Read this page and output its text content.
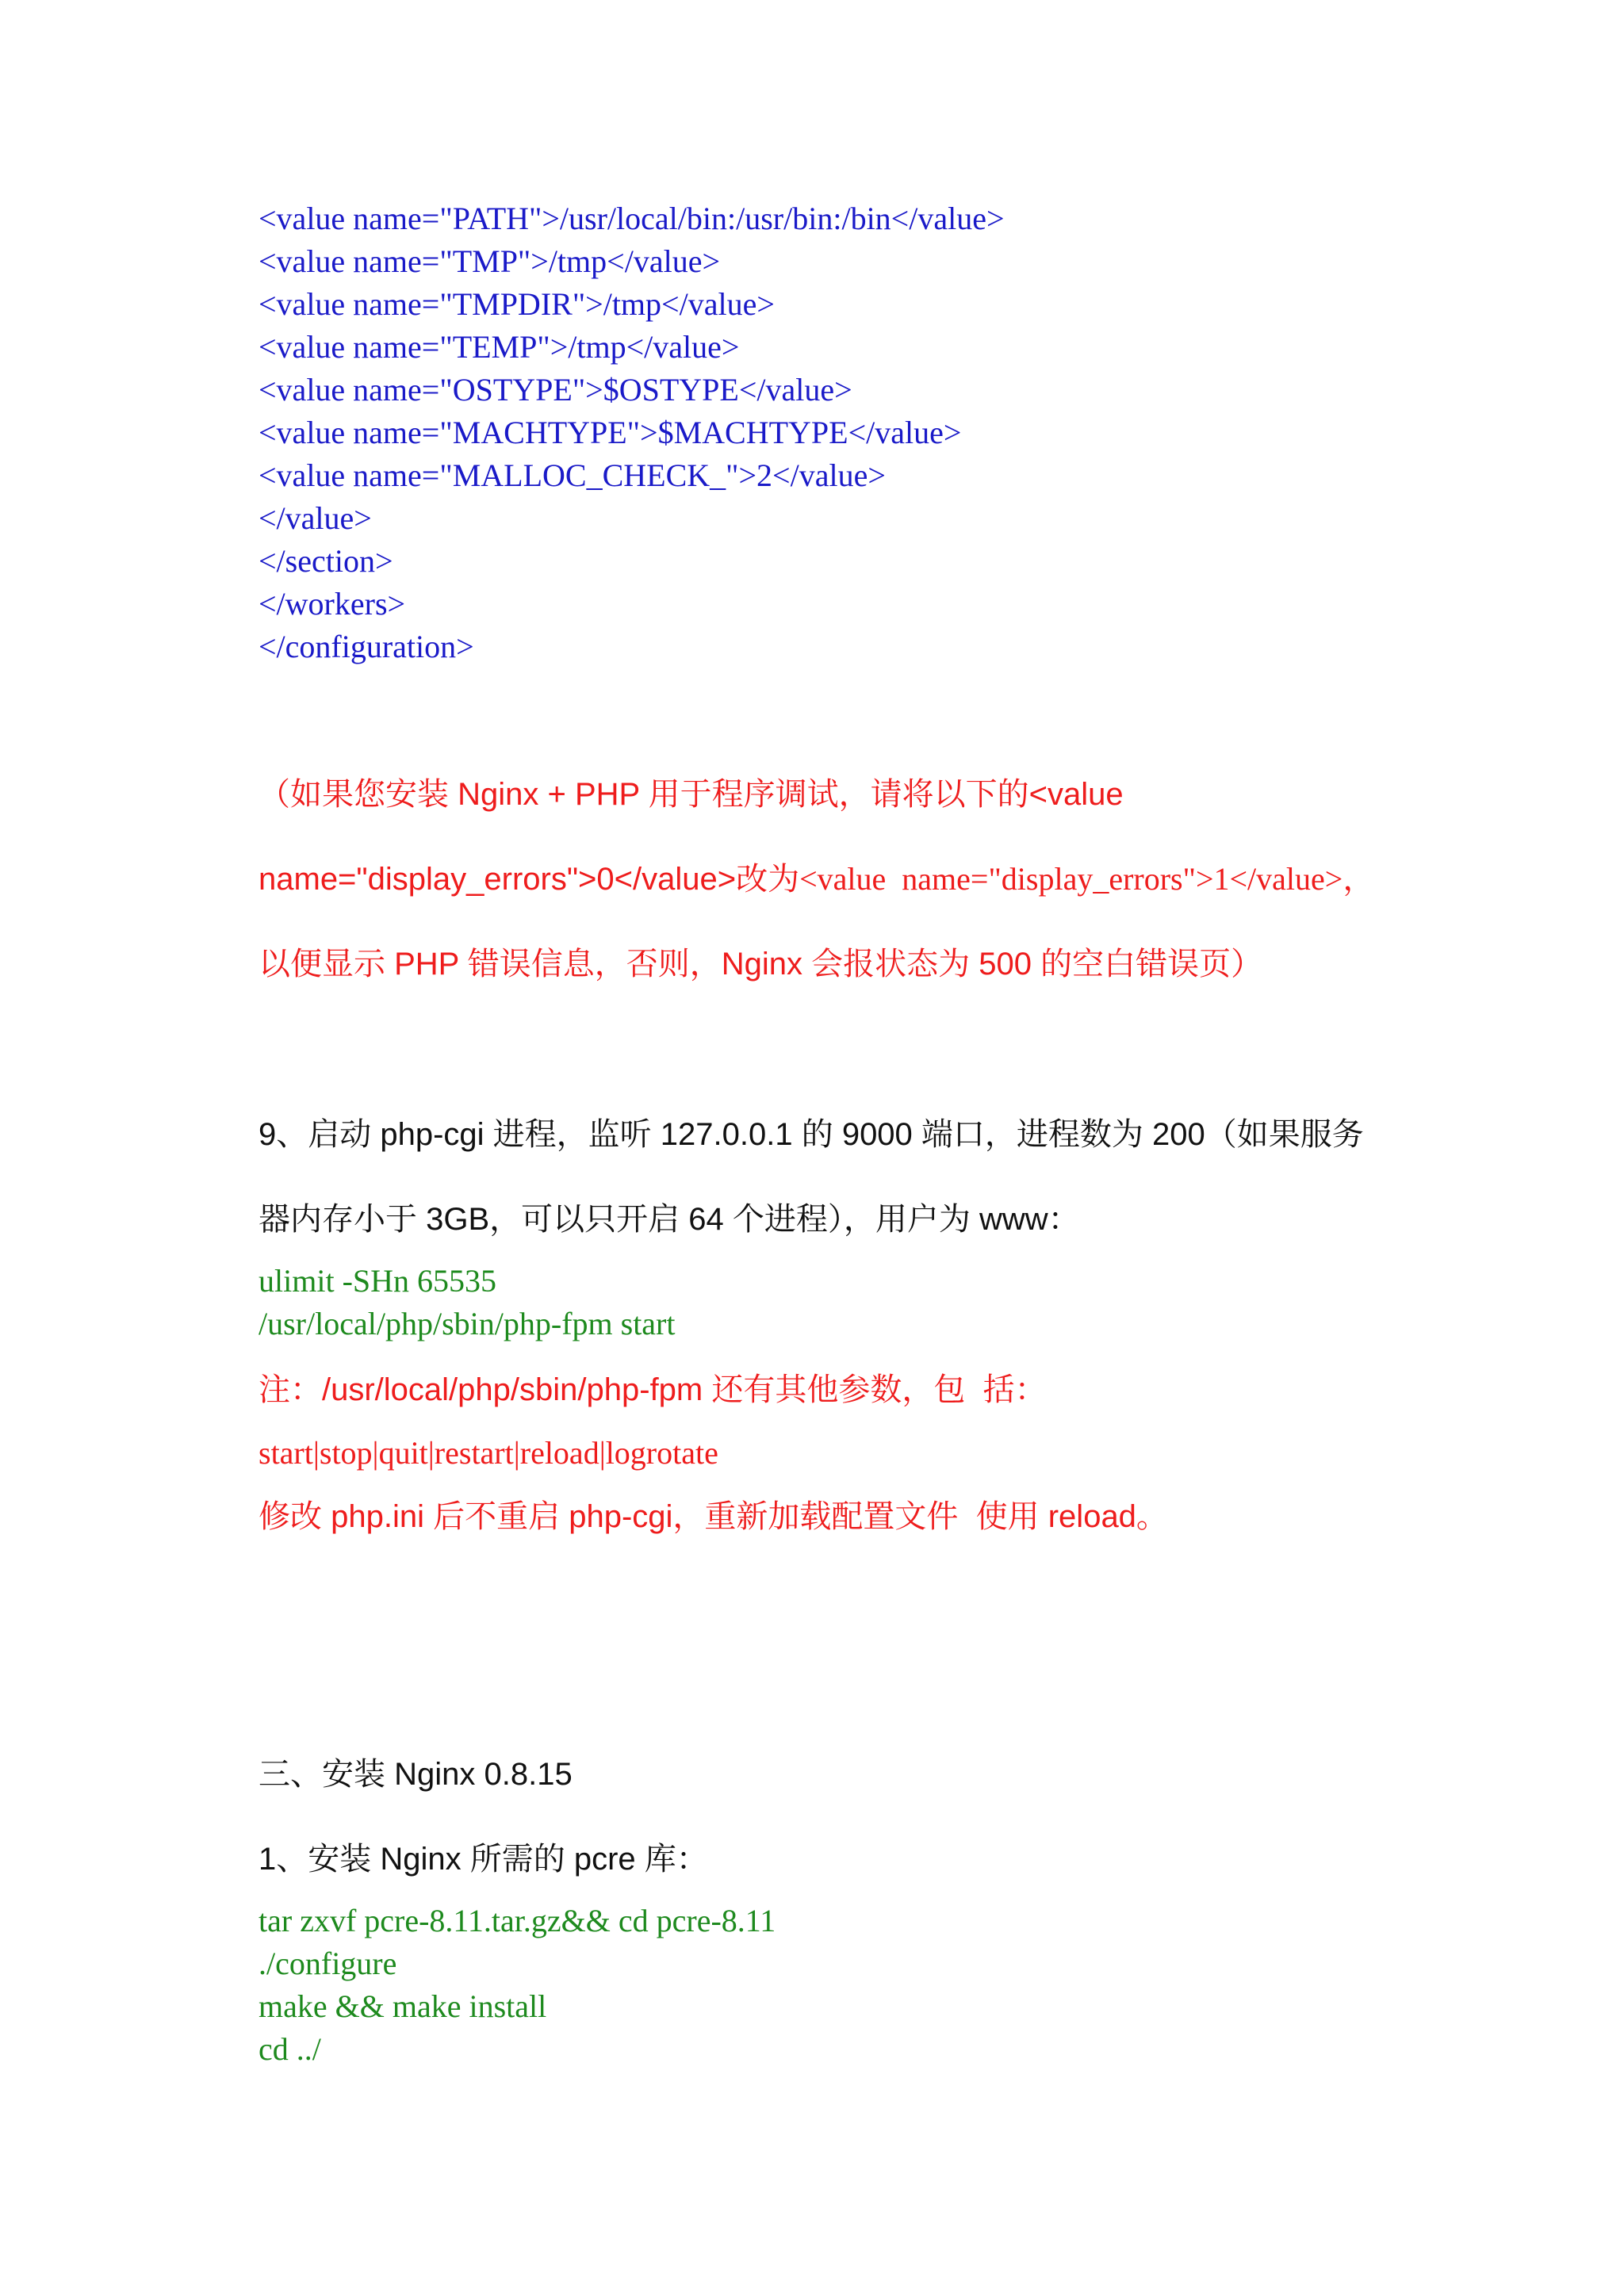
<value name="PATH">/usr/local/bin:/usr/bin:/bin</value>
<value name="TMP">/tmp</value>
<value name="TMPDIR">/tmp</value>
<value name="TEMP">/tmp</value>
<value name="OSTYPE">$OSTYPE</value>
<value name="MACHTYPE">$MACHTYPE</value>
<value name="MALLOC_CHECK_">2</value>
</value>
</section>
</workers>
</configuration>
（如果您安装 Nginx + PHP 用于程序调试，请将以下的<value
name="display_errors">0</value>改为<value  name="display_errors">1</value>，
以便显示 PHP 错误信息，否则，Nginx 会报状态为 500 的空白错误页）
9、启动 php-cgi 进程，监听 127.0.0.1 的 9000 端口，进程数为 200（如果服务
器内存小于 3GB，可以只开启 64 个进程），用户为 www：
ulimit -SHn 65535
/usr/local/php/sbin/php-fpm start
注：/usr/local/php/sbin/php-fpm 还有其他参数，包  括：
start|stop|quit|restart|reload|logrotate
修改 php.ini 后不重启 php-cgi，重新加载配置文件  使用 reload。
三、安装 Nginx 0.8.15
1、安装 Nginx 所需的 pcre 库：
tar zxvf pcre-8.11.tar.gz&& cd pcre-8.11
./configure
make && make install
cd ../
